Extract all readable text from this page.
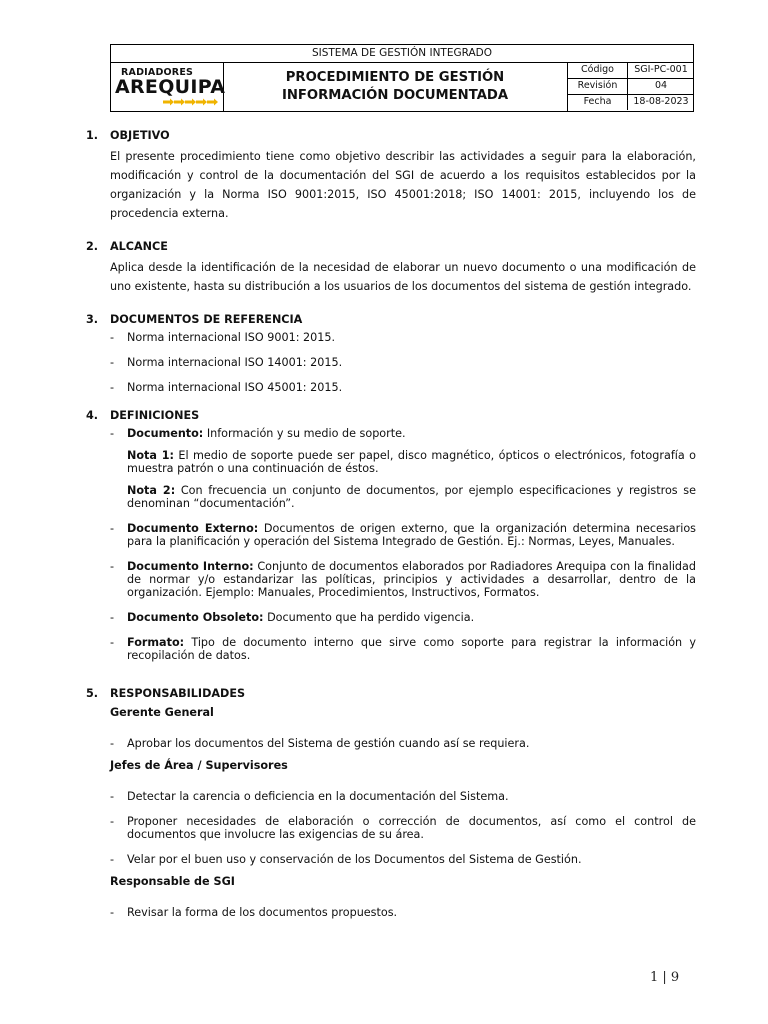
SISTEMA DE GESTIÓN INTEGRADO
RADIADORES
AREQUIPA	PROCEDIMIENTO DE GESTIÓN
INFORMACIÓN DOCUMENTADA
Código	SGI-PC-001
Revisión	04
Fecha	18-08-2023
1. OBJETIVO

El presente procedimiento tiene como objetivo describir las actividades a seguir para la elaboración, modificación y control de la documentación del SGI de acuerdo a los requisitos establecidos por la organización y la Norma ISO 9001:2015, ISO 45001:2018; ISO 14001: 2015, incluyendo los de procedencia externa.

2. ALCANCE

Aplica desde la identificación de la necesidad de elaborar un nuevo documento o una modificación de uno existente, hasta su distribución a los usuarios de los documentos del sistema de gestión integrado.

3. DOCUMENTOS DE REFERENCIA
- Norma internacional ISO 9001: 2015.
- Norma internacional ISO 14001: 2015.
- Norma internacional ISO 45001: 2015.
4. DEFINICIONES
- Documento: Información y su medio de soporte.

Nota 1: El medio de soporte puede ser papel, disco magnético, ópticos o electrónicos, fotografía o muestra patrón o una continuación de éstos.

Nota 2: Con frecuencia un conjunto de documentos, por ejemplo especificaciones y registros se denominan “documentación”.

- Documento Externo: Documentos de origen externo, que la organización determina necesarios para la planificación y operación del Sistema Integrado de Gestión. Ej.: Normas, Leyes, Manuales.
- Documento Interno: Conjunto de documentos elaborados por Radiadores Arequipa con la finalidad de normar y/o estandarizar las políticas, principios y actividades a desarrollar, dentro de la organización. Ejemplo: Manuales, Procedimientos, Instructivos, Formatos.
- Documento Obsoleto: Documento que ha perdido vigencia.
- Formato: Tipo de documento interno que sirve como soporte para registrar la información y recopilación de datos.
5. RESPONSABILIDADES
Gerente General
- Aprobar los documentos del Sistema de gestión cuando así se requiera.
Jefes de Área / Supervisores
- Detectar la carencia o deficiencia en la documentación del Sistema.
- Proponer necesidades de elaboración o corrección de documentos, así como el control de documentos que involucre las exigencias de su área.
- Velar por el buen uso y conservación de los Documentos del Sistema de Gestión.
Responsable de SGI
- Revisar la forma de los documentos propuestos.
1 | 9
